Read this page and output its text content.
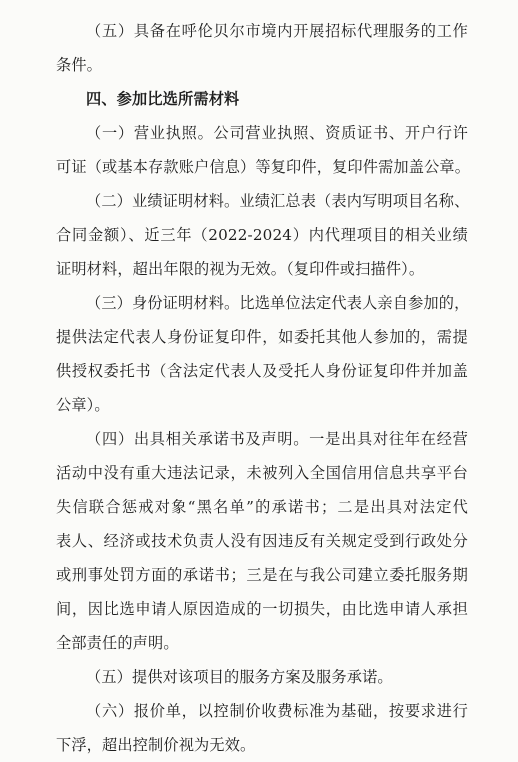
（五）具备在呼伦贝尔市境内开展招标代理服务的工作
条件。
四、参加比选所需材料
（一）营业执照。公司营业执照、资质证书、开户行许
可证（或基本存款账户信息）等复印件，复印件需加盖公章。
（二）业绩证明材料。业绩汇总表（表内写明项目名称、
合同金额）、近三年（2022-2024）内代理项目的相关业绩
证明材料，超出年限的视为无效。（复印件或扫描件）。
（三）身份证明材料。比选单位法定代表人亲自参加的，
提供法定代表人身份证复印件，如委托其他人参加的，需提
供授权委托书（含法定代表人及受托人身份证复印件并加盖
公章）。
（四）出具相关承诺书及声明。一是出具对往年在经营
活动中没有重大违法记录，未被列入全国信用信息共享平台
失信联合惩戒对象“黑名单”的承诺书；二是出具对法定代
表人、经济或技术负责人没有因违反有关规定受到行政处分
或刑事处罚方面的承诺书；三是在与我公司建立委托服务期
间，因比选申请人原因造成的一切损失，由比选申请人承担
全部责任的声明。
（五）提供对该项目的服务方案及服务承诺。
（六）报价单，以控制价收费标准为基础，按要求进行
下浮，超出控制价视为无效。
